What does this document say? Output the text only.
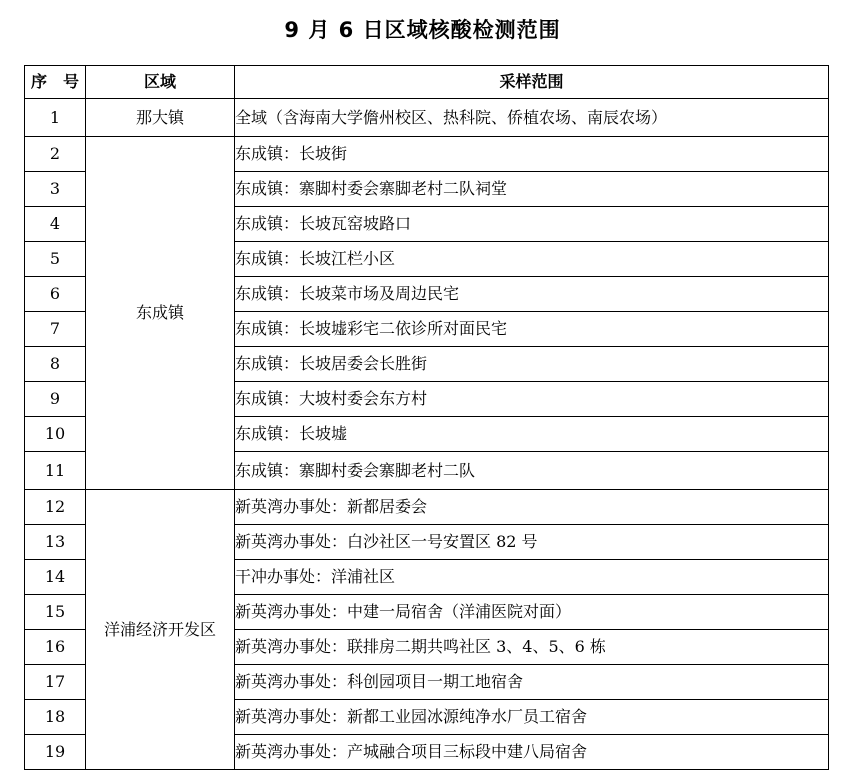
9 月 6 日区域核酸检测范围
序　号	区域	采样范围
1	那大镇	全域（含海南大学儋州校区、热科院、侨植农场、南辰农场）
2	东成镇	东成镇：长坡街
3		东成镇：寨脚村委会寨脚老村二队祠堂
4		东成镇：长坡瓦窑坡路口
5		东成镇：长坡江栏小区
6		东成镇：长坡菜市场及周边民宅
7		东成镇：长坡墟彩宅二依诊所对面民宅
8		东成镇：长坡居委会长胜街
9		东成镇：大坡村委会东方村
10		东成镇：长坡墟
11		东成镇：寨脚村委会寨脚老村二队
12	洋浦经济开发区	新英湾办事处：新都居委会
13		新英湾办事处：白沙社区一号安置区 82 号
14		干冲办事处：洋浦社区
15		新英湾办事处：中建一局宿舍（洋浦医院对面）
16		新英湾办事处：联排房二期共鸣社区 3、4、5、6 栋
17		新英湾办事处：科创园项目一期工地宿舍
18		新英湾办事处：新都工业园冰源纯净水厂员工宿舍
19		新英湾办事处：产城融合项目三标段中建八局宿舍
